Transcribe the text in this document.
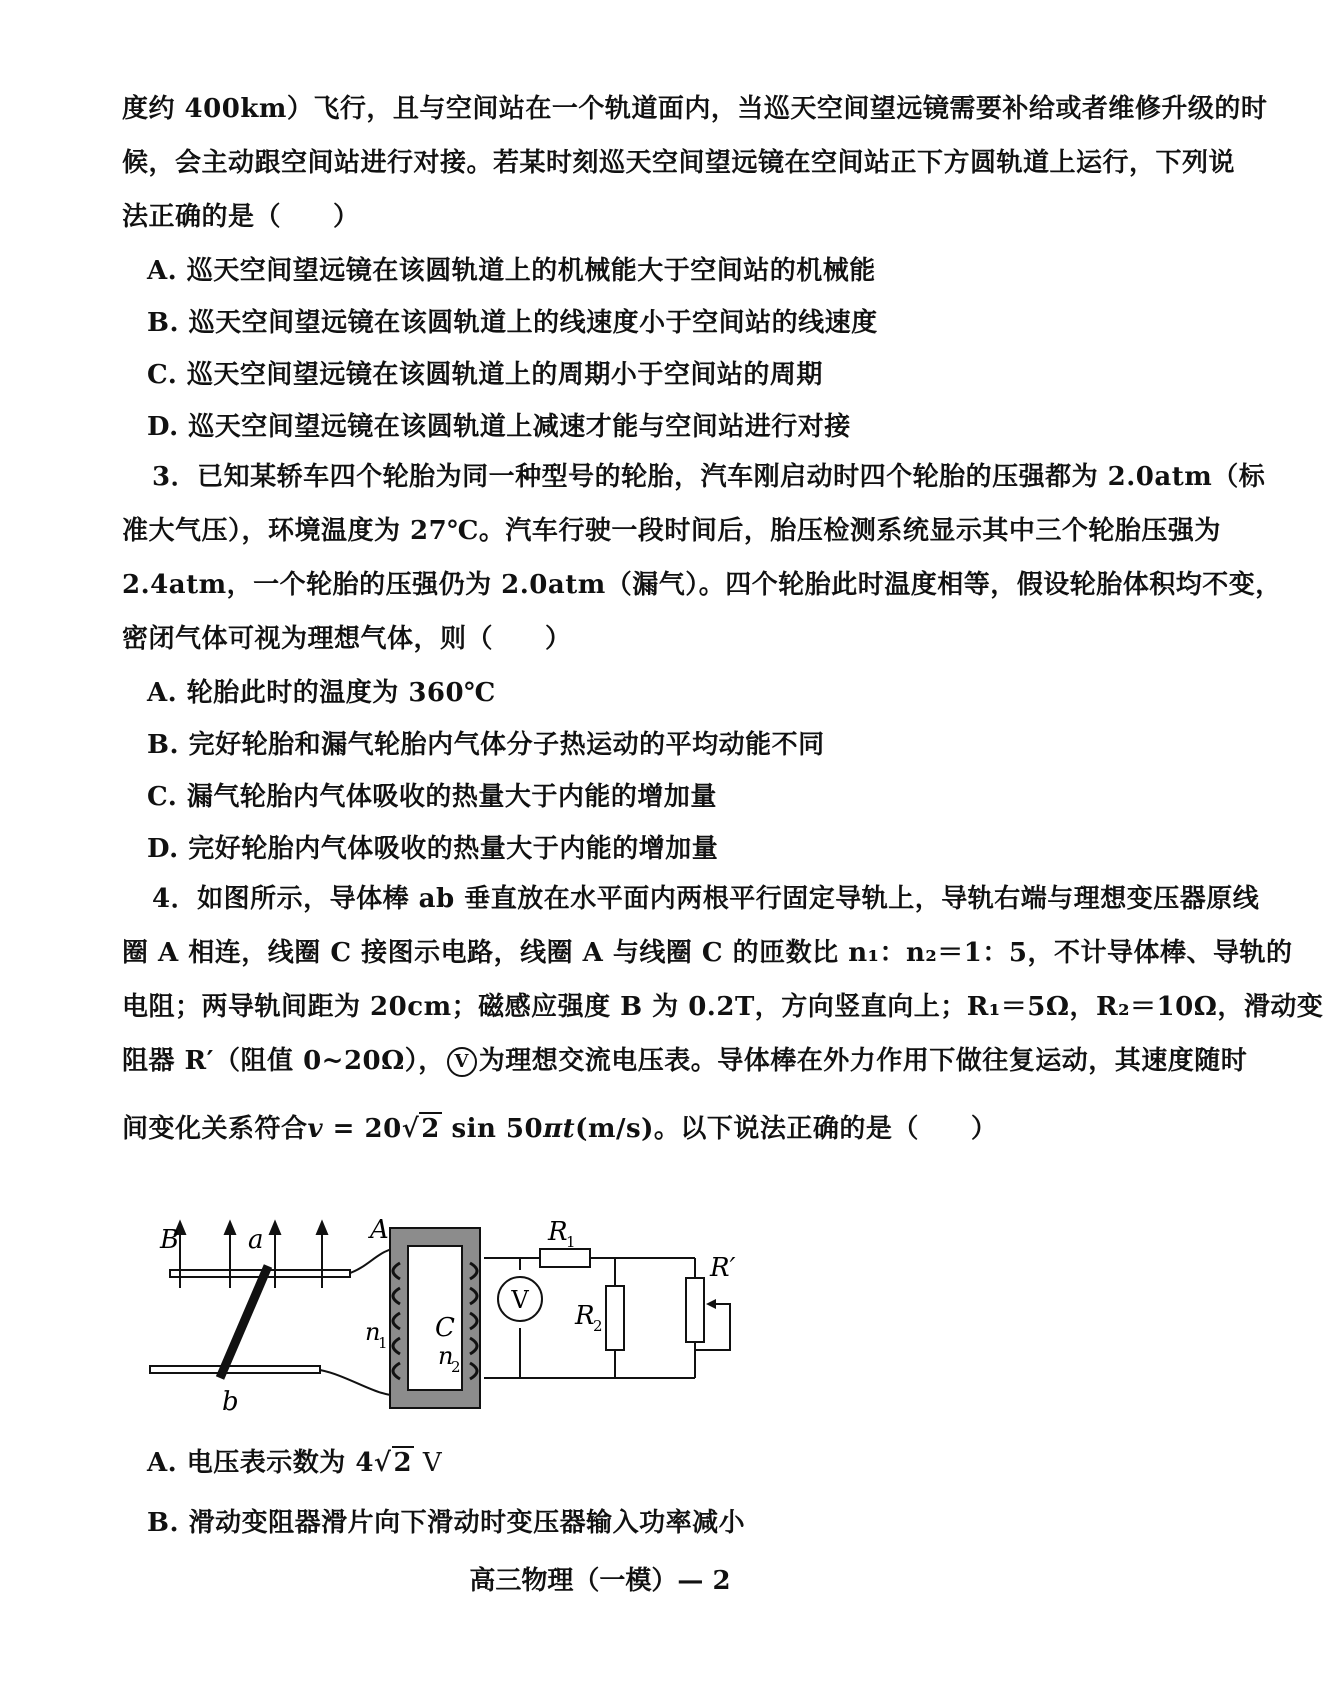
度约 400km）飞行，且与空间站在一个轨道面内，当巡天空间望远镜需要补给或者维修升级的时
候，会主动跟空间站进行对接。若某时刻巡天空间望远镜在空间站正下方圆轨道上运行，下列说
法正确的是（ ）
A. 巡天空间望远镜在该圆轨道上的机械能大于空间站的机械能
B. 巡天空间望远镜在该圆轨道上的线速度小于空间站的线速度
C. 巡天空间望远镜在该圆轨道上的周期小于空间站的周期
D. 巡天空间望远镜在该圆轨道上减速才能与空间站进行对接
3．已知某轿车四个轮胎为同一种型号的轮胎，汽车刚启动时四个轮胎的压强都为 2.0atm（标
准大气压），环境温度为 27℃。汽车行驶一段时间后，胎压检测系统显示其中三个轮胎压强为
2.4atm，一个轮胎的压强仍为 2.0atm（漏气）。四个轮胎此时温度相等，假设轮胎体积均不变，
密闭气体可视为理想气体，则（ ）
A. 轮胎此时的温度为 360℃
B. 完好轮胎和漏气轮胎内气体分子热运动的平均动能不同
C. 漏气轮胎内气体吸收的热量大于内能的增加量
D. 完好轮胎内气体吸收的热量大于内能的增加量
4．如图所示，导体棒 ab 垂直放在水平面内两根平行固定导轨上，导轨右端与理想变压器原线
圈 A 相连，线圈 C 接图示电路，线圈 A 与线圈 C 的匝数比 n₁：n₂＝1：5，不计导体棒、导轨的
电阻；两导轨间距为 20cm；磁感应强度 B 为 0.2T，方向竖直向上；R₁＝5Ω，R₂＝10Ω，滑动变
阻器 R′（阻值 0~20Ω）， V 为理想交流电压表。导体棒在外力作用下做往复运动，其速度随时
间变化关系符合v = 20√2 sin 50πt(m/s)。以下说法正确的是（ ）
V
B	a
b
A
C
n
1 n
2
R
1
R
2
R′
A. 电压表示数为 4√2 V
B. 滑动变阻器滑片向下滑动时变压器输入功率减小
高三物理（一模）— 2
